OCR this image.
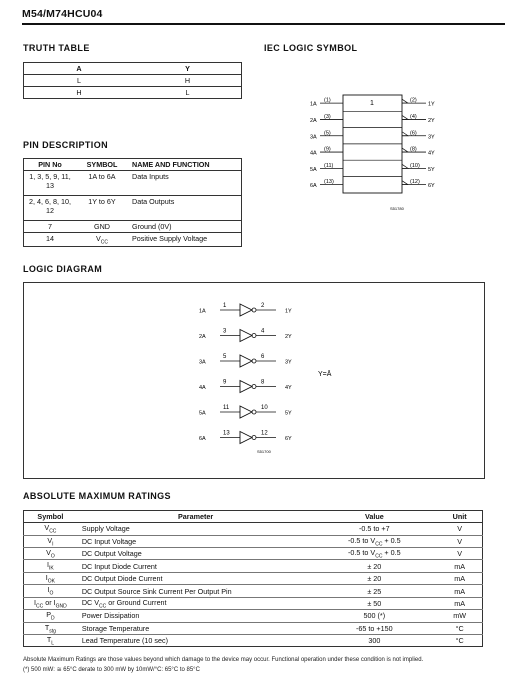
M54/M74HCU04
TRUTH TABLE
A	Y
L	H
H	L
IEC LOGIC SYMBOL
1
1A
(1)	(2)
1Y
2A
(3)	(4)
2Y
3A
(5)	(6)
3Y
4A
(9)	(8)
4Y
5A
(11)	(10)
5Y
6A
(13)	(12)
6Y
S51780
PIN DESCRIPTION
PIN No	SYMBOL	NAME AND FUNCTION
1, 3, 5, 9, 11, 13	1A to 6A	Data Inputs
2, 4, 6, 8, 10, 12	1Y to 6Y	Data Outputs
7	GND	Ground (0V)
14	$V_{CC}$	Positive Supply Voltage
LOGIC DIAGRAM
Y=Ā
S51700
1A
1	2
1Y
2A
3	4
2Y
3A
5	6
3Y
4A
9	8
4Y
5A
11	10
5Y
6A
13	12
6Y
ABSOLUTE MAXIMUM RATINGS
Symbol	Parameter	Value	Unit
$V_{CC}$	Supply Voltage	-0.5 to +7	V
$V_I$	DC Input Voltage	-0.5 to $V_{CC} + 0.5$	V
$V_O$	DC Output Voltage	-0.5 to $V_{CC} + 0.5$	V
$I_{IK}$	DC Input Diode Current	± 20	mA
$I_{OK}$	DC Output Diode Current	± 20	mA
$I_O$	DC Output Source Sink Current Per Output Pin	± 25	mA
$I_{CC}$ or $I_{GND}$	DC $V_{CC}$ or Ground Current	± 50	mA
$P_D$	Power Dissipation	500 (*)	mW
$T_{stg}$	Storage Temperature	-65 to +150	°C
$T_L$	Lead Temperature (10 sec)	300	°C
Absolute Maximum Ratings are those values beyond which damage to the device may occur. Functional operation under these condition is not implied.
(*) 500 mW: ≅ 65°C derate to 300 mW by 10mW/°C: 65°C to 85°C
